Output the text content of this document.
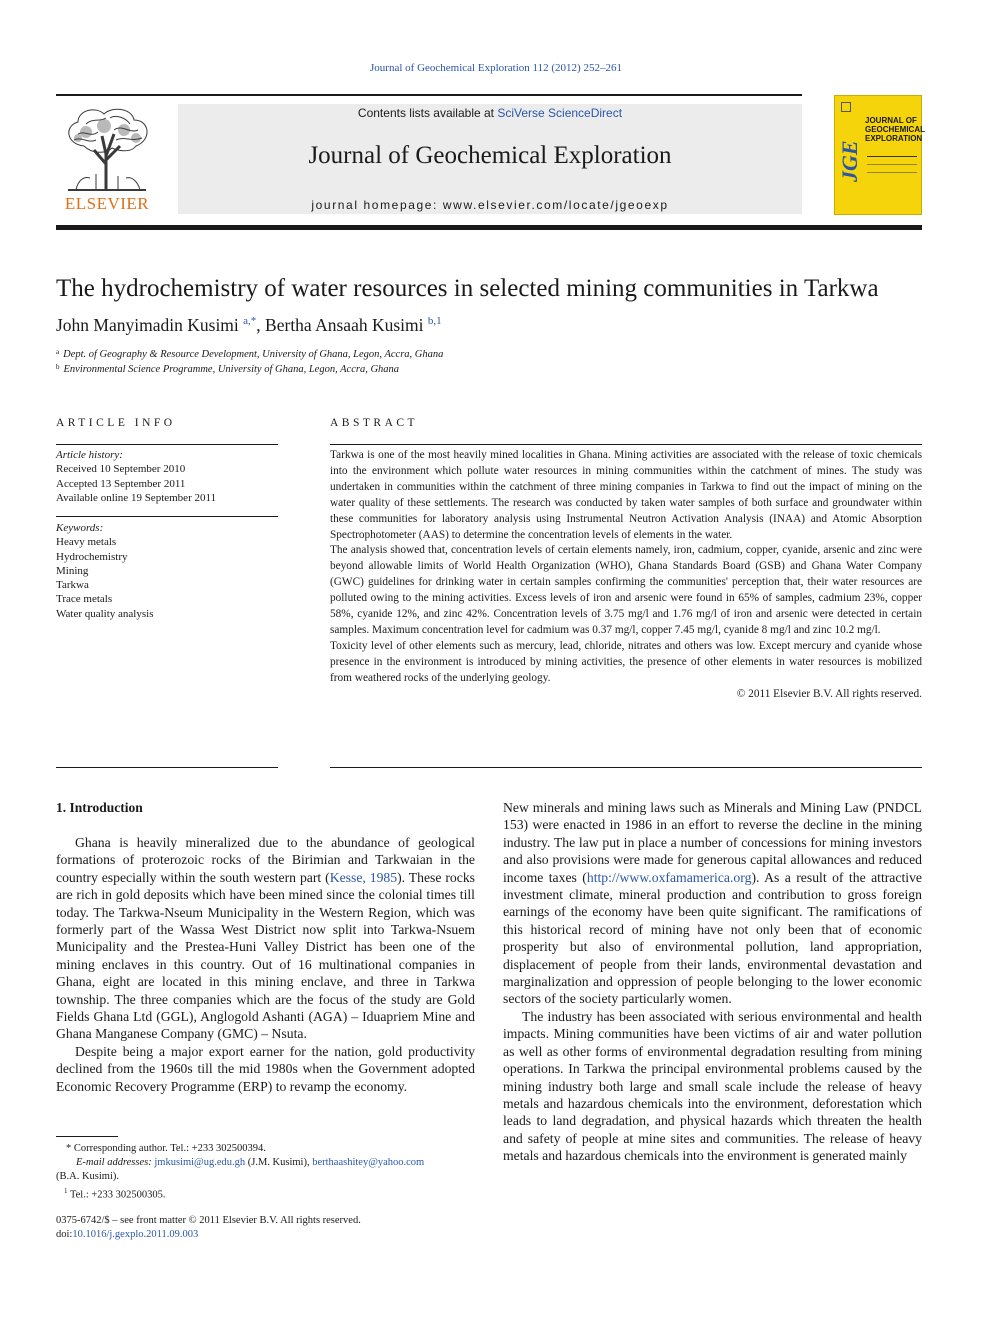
Journal of Geochemical Exploration 112 (2012) 252–261
ELSEVIER
Contents lists available at SciVerse ScienceDirect
Journal of Geochemical Exploration
journal homepage: www.elsevier.com/locate/jgeoexp
JGE
JOURNAL OF
GEOCHEMICAL
EXPLORATION
The hydrochemistry of water resources in selected mining communities in Tarkwa
John Manyimadin Kusimi $^{a,*}$, Bertha Ansaah Kusimi $^{b,1}$
$^a$ Dept. of Geography & Resource Development, University of Ghana, Legon, Accra, Ghana
$^b$ Environmental Science Programme, University of Ghana, Legon, Accra, Ghana
ARTICLE INFO
Article history:
Received 10 September 2010
Accepted 13 September 2011
Available online 19 September 2011
Keywords:
Heavy metals
Hydrochemistry
Mining
Tarkwa
Trace metals
Water quality analysis
ABSTRACT

Tarkwa is one of the most heavily mined localities in Ghana. Mining activities are associated with the release of toxic chemicals into the environment which pollute water resources in mining communities within the catchment of mines. The study was undertaken in communities within the catchment of three mining companies in Tarkwa to find out the impact of mining on the water quality of these settlements. The research was conducted by taken water samples of both surface and groundwater within these communities for laboratory analysis using Instrumental Neutron Activation Analysis (INAA) and Atomic Absorption Spectrophotometer (AAS) to determine the concentration levels of elements in the water.

The analysis showed that, concentration levels of certain elements namely, iron, cadmium, copper, cyanide, arsenic and zinc were beyond allowable limits of World Health Organization (WHO), Ghana Standards Board (GSB) and Ghana Water Company (GWC) guidelines for drinking water in certain samples confirming the communities' perception that, their water resources are polluted owing to the mining activities. Excess levels of iron and arsenic were found in 65% of samples, cadmium 23%, copper 58%, cyanide 12%, and zinc 42%. Concentration levels of 3.75 mg/l and 1.76 mg/l of iron and arsenic were detected in certain samples. Maximum concentration level for cadmium was 0.37 mg/l, copper 7.45 mg/l, cyanide 8 mg/l and zinc 10.2 mg/l.

Toxicity level of other elements such as mercury, lead, chloride, nitrates and others was low. Except mercury and cyanide whose presence in the environment is introduced by mining activities, the presence of other elements in water resources is mobilized from weathered rocks of the underlying geology.

© 2011 Elsevier B.V. All rights reserved.

1. Introduction

Ghana is heavily mineralized due to the abundance of geological formations of proterozoic rocks of the Birimian and Tarkwaian in the country especially within the south western part (Kesse, 1985). These rocks are rich in gold deposits which have been mined since the colonial times till today. The Tarkwa-Nseum Municipality in the Western Region, which was formerly part of the Wassa West District now split into Tarkwa-Nsuem Municipality and the Prestea-Huni Valley District has been one of the mining enclaves in this country. Out of 16 multinational companies in Ghana, eight are located in this mining enclave, and three in Tarkwa township. The three companies which are the focus of the study are Gold Fields Ghana Ltd (GGL), Anglogold Ashanti (AGA) – Iduapriem Mine and Ghana Manganese Company (GMC) – Nsuta.

Despite being a major export earner for the nation, gold productivity declined from the 1960s till the mid 1980s when the Government adopted Economic Recovery Programme (ERP) to revamp the economy.

New minerals and mining laws such as Minerals and Mining Law (PNDCL 153) were enacted in 1986 in an effort to reverse the decline in the mining industry. The law put in place a number of concessions for mining investors and also provisions were made for generous capital allowances and reduced income taxes (http://www.oxfamamerica.org). As a result of the attractive investment climate, mineral production and contribution to gross foreign earnings of the economy have been quite significant. The ramifications of this historical record of mining have not only been that of economic prosperity but also of environmental pollution, land appropriation, displacement of people from their lands, environmental devastation and marginalization and oppression of people belonging to the lower economic sectors of the society particularly women.

The industry has been associated with serious environmental and health impacts. Mining communities have been victims of air and water pollution as well as other forms of environmental degradation resulting from mining operations. In Tarkwa the principal environmental problems caused by the mining industry both large and small scale include the release of heavy metals and hazardous chemicals into the environment, deforestation which leads to land degradation, and physical hazards which threaten the health and safety of people at mine sites and communities. The release of heavy metals and hazardous chemicals into the environment is generated mainly

* Corresponding author. Tel.: +233 302500394.
E-mail addresses: jmkusimi@ug.edu.gh (J.M. Kusimi), berthaashitey@yahoo.com
(B.A. Kusimi).
$^1$ Tel.: +233 302500305.
0375-6742/$ – see front matter © 2011 Elsevier B.V. All rights reserved.
doi:10.1016/j.gexplo.2011.09.003
